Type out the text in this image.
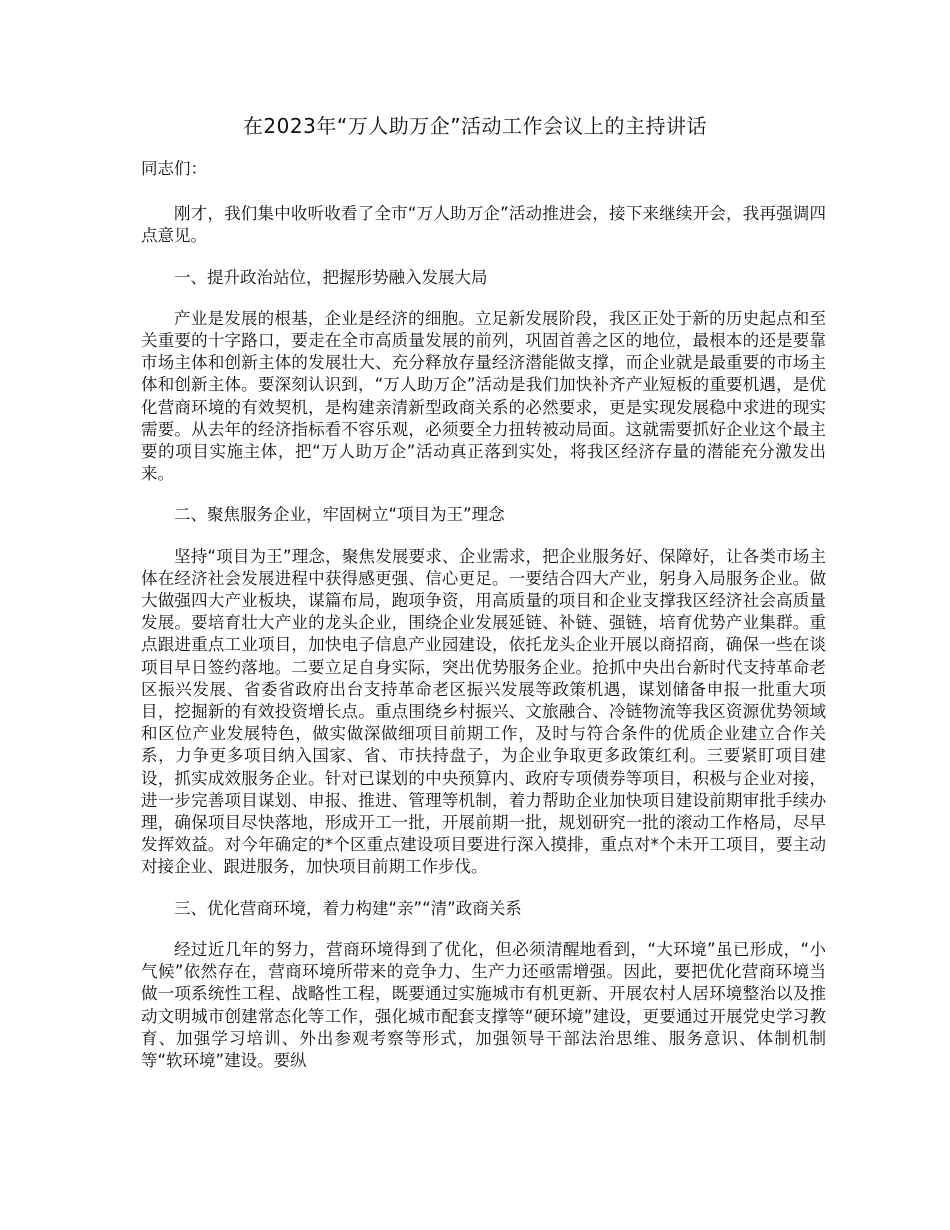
在2023年“万人助万企”活动工作会议上的主持讲话

同志们：

刚才，我们集中收听收看了全市“万人助万企”活动推进会，接下来继续开会，我再强调四点意见。

一、提升政治站位，把握形势融入发展大局

产业是发展的根基，企业是经济的细胞。立足新发展阶段，我区正处于新的历史起点和至关重要的十字路口，要走在全市高质量发展的前列，巩固首善之区的地位，最根本的还是要靠市场主体和创新主体的发展壮大、充分释放存量经济潜能做支撑，而企业就是最重要的市场主体和创新主体。要深刻认识到，“万人助万企”活动是我们加快补齐产业短板的重要机遇，是优化营商环境的有效契机，是构建亲清新型政商关系的必然要求，更是实现发展稳中求进的现实需要。从去年的经济指标看不容乐观，必须要全力扭转被动局面。这就需要抓好企业这个最主要的项目实施主体，把“万人助万企”活动真正落到实处，将我区经济存量的潜能充分激发出来。

二、聚焦服务企业，牢固树立“项目为王”理念

坚持“项目为王”理念，聚焦发展要求、企业需求，把企业服务好、保障好，让各类市场主体在经济社会发展进程中获得感更强、信心更足。一要结合四大产业，躬身入局服务企业。做大做强四大产业板块，谋篇布局，跑项争资，用高质量的项目和企业支撑我区经济社会高质量发展。要培育壮大产业的龙头企业，围绕企业发展延链、补链、强链，培育优势产业集群。重点跟进重点工业项目，加快电子信息产业园建设，依托龙头企业开展以商招商，确保一些在谈项目早日签约落地。二要立足自身实际，突出优势服务企业。抢抓中央出台新时代支持革命老区振兴发展、省委省政府出台支持革命老区振兴发展等政策机遇，谋划储备申报一批重大项目，挖掘新的有效投资增长点。重点围绕乡村振兴、文旅融合、冷链物流等我区资源优势领域和区位产业发展特色，做实做深做细项目前期工作，及时与符合条件的优质企业建立合作关系，力争更多项目纳入国家、省、市扶持盘子，为企业争取更多政策红利。三要紧盯项目建设，抓实成效服务企业。针对已谋划的中央预算内、政府专项债券等项目，积极与企业对接，进一步完善项目谋划、申报、推进、管理等机制，着力帮助企业加快项目建设前期审批手续办理，确保项目尽快落地，形成开工一批，开展前期一批，规划研究一批的滚动工作格局，尽早发挥效益。对今年确定的*个区重点建设项目要进行深入摸排，重点对*个未开工项目，要主动对接企业、跟进服务，加快项目前期工作步伐。

三、优化营商环境，着力构建“亲”“清”政商关系

经过近几年的努力，营商环境得到了优化，但必须清醒地看到，“大环境”虽已形成，“小气候”依然存在，营商环境所带来的竞争力、生产力还亟需增强。因此，要把优化营商环境当做一项系统性工程、战略性工程，既要通过实施城市有机更新、开展农村人居环境整治以及推动文明城市创建常态化等工作，强化城市配套支撑等“硬环境”建设，更要通过开展党史学习教育、加强学习培训、外出参观考察等形式，加强领导干部法治思维、服务意识、体制机制等“软环境”建设。要纵
